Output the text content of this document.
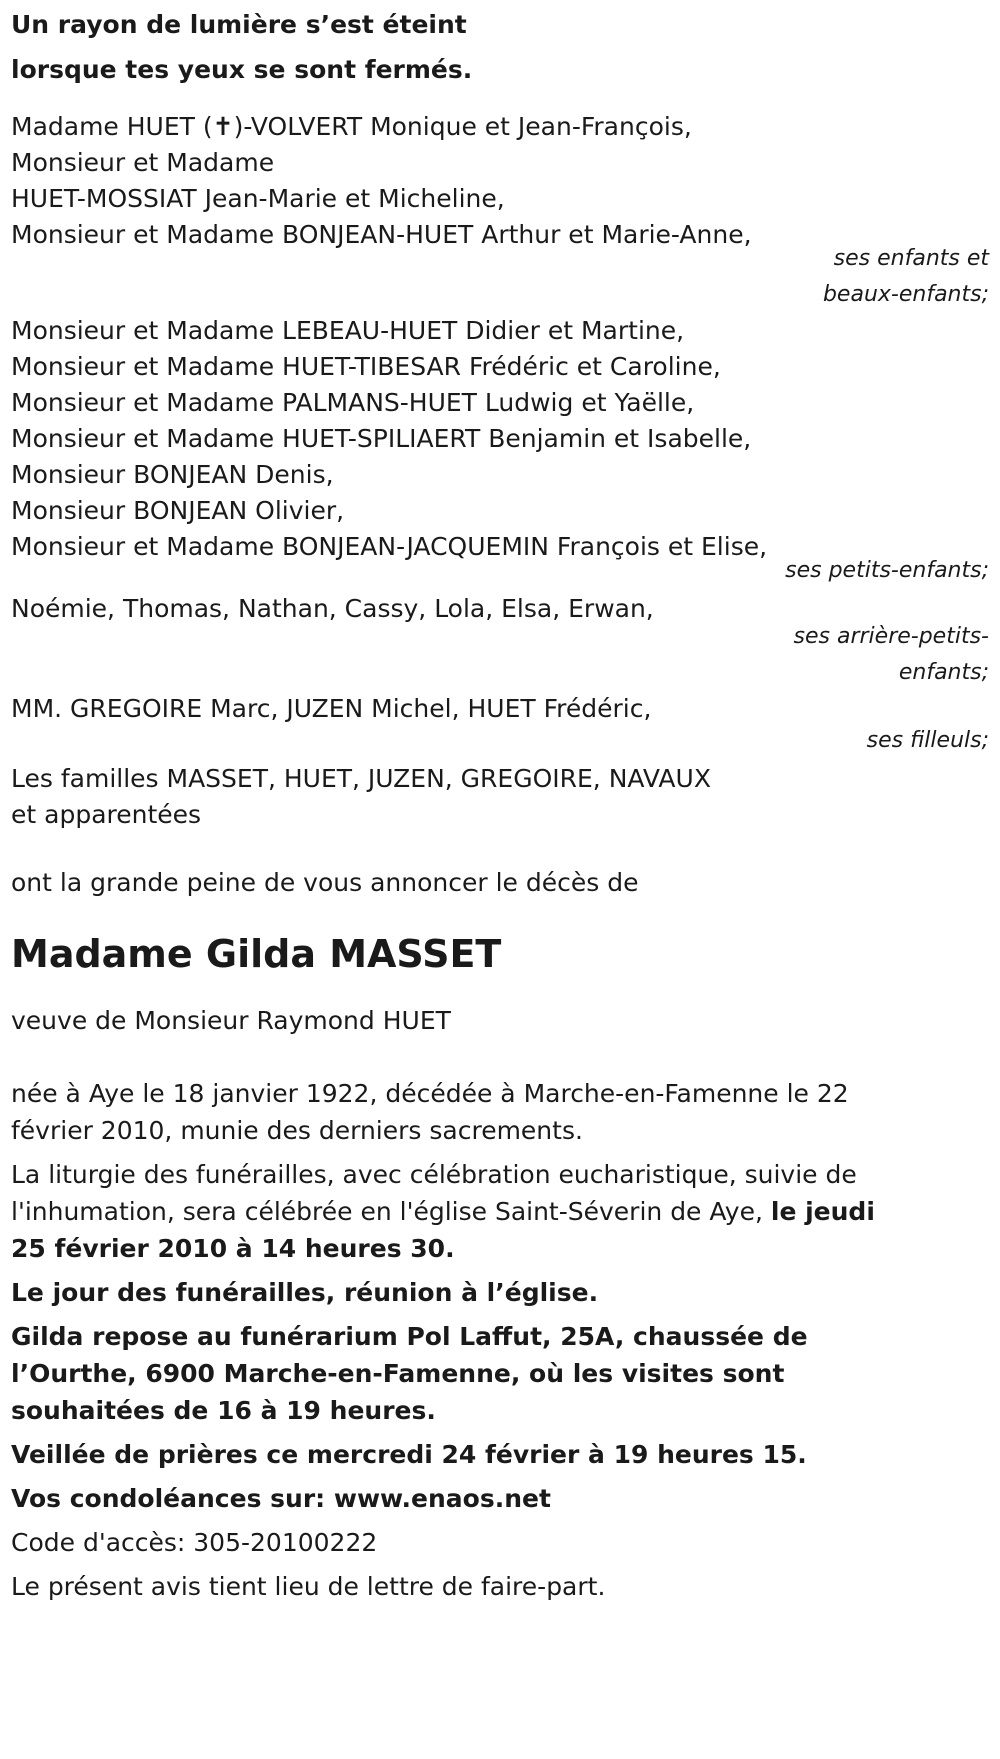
Un rayon de lumière s’est éteint
lorsque tes yeux se sont fermés.
Madame HUET (✝)-VOLVERT Monique et Jean-François,
Monsieur et Madame
HUET-MOSSIAT Jean-Marie et Micheline,
Monsieur et Madame BONJEAN-HUET Arthur et Marie-Anne,
ses enfants et
beaux-enfants;
Monsieur et Madame LEBEAU-HUET Didier et Martine,
Monsieur et Madame HUET-TIBESAR Frédéric et Caroline,
Monsieur et Madame PALMANS-HUET Ludwig et Yaëlle,
Monsieur et Madame HUET-SPILIAERT Benjamin et Isabelle,
Monsieur BONJEAN Denis,
Monsieur BONJEAN Olivier,
Monsieur et Madame BONJEAN-JACQUEMIN François et Elise,
ses petits-enfants;
Noémie, Thomas, Nathan, Cassy, Lola, Elsa, Erwan,
ses arrière-petits-
enfants;
MM. GREGOIRE Marc, JUZEN Michel, HUET Frédéric,
ses filleuls;
Les familles MASSET, HUET, JUZEN, GREGOIRE, NAVAUX
et apparentées
ont la grande peine de vous annoncer le décès de
Madame Gilda MASSET
veuve de Monsieur Raymond HUET
née à Aye le 18 janvier 1922, décédée à Marche-en-Famenne le 22 février 2010, munie des derniers sacrements.
La liturgie des funérailles, avec célébration eucharistique, suivie de l'inhumation, sera célébrée en l'église Saint-Séverin de Aye, le jeudi 25 février 2010 à 14 heures 30.
Le jour des funérailles, réunion à l’église.
Gilda repose au funérarium Pol Laffut, 25A, chaussée de l’Ourthe, 6900 Marche-en-Famenne, où les visites sont souhaitées de 16 à 19 heures.
Veillée de prières ce mercredi 24 février à 19 heures 15.
Vos condoléances sur: www.enaos.net
Code d'accès: 305-20100222
Le présent avis tient lieu de lettre de faire-part.
